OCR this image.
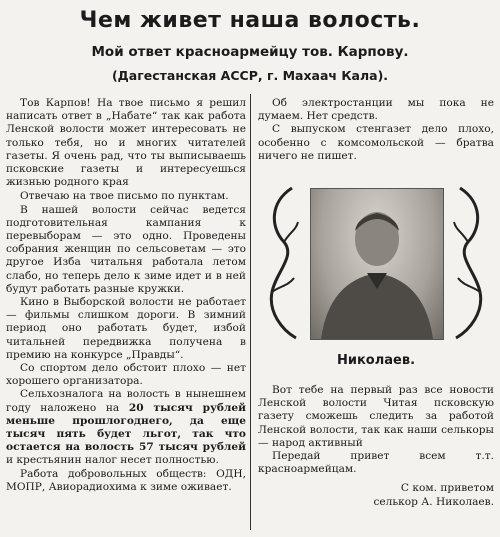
Чем живет наша волость.
Мой ответ красноармейцу тов. Карпову.
(Дагестанская АССР, г. Махаач Кала).

Тов Карпов! На твое письмо я решил написать ответ в „Набате“ так как работа Ленской волости может интересовать не только тебя, но и многих читателей газеты. Я очень рад, что ты выписываешь псковские газеты и интересуешься жизнью родного края

Отвечаю на твое письмо по пунктам.

В нашей волости сейчас ведется подготовительная кампания к перевыборам — это одно. Проведены собрания женщин по сельсоветам — это другое Изба читальня работала летом слабо, но теперь дело к зиме идет и в ней будут работать разные кружки.

Кино в Выборской волости не работает — фильмы слишком дороги. В зимний период оно работать будет, избой читальней передвижка получена в премию на конкурсе „Правды“.

Со спортом дело обстоит плохо — нет хорошего организатора.

Сельхозналога на волость в нынешнем году наложено на 20 тысяч рублей меньше прошлогоднего, да еще тысяч пять будет льгот, так что остается на волость 57 тысяч рублей и крестьянин налог несет полностью.

Работа добровольных обществ: ОДН, МОПР, Авиорадиохима к зиме оживает.

Об электростанции мы пока не думаем. Нет средств.

С выпуском стенгазет дело плохо, особенно с комсомольской — братва ничего не пишет.

Николаев.

Вот тебе на первый раз все новости Ленской волости Читая псковскую газету сможешь следить за работой Ленской волости, так как наши селькоры — народ активный

Передай привет всем т.т. красноармейцам.

С ком. приветом

селькор А. Николаев.
